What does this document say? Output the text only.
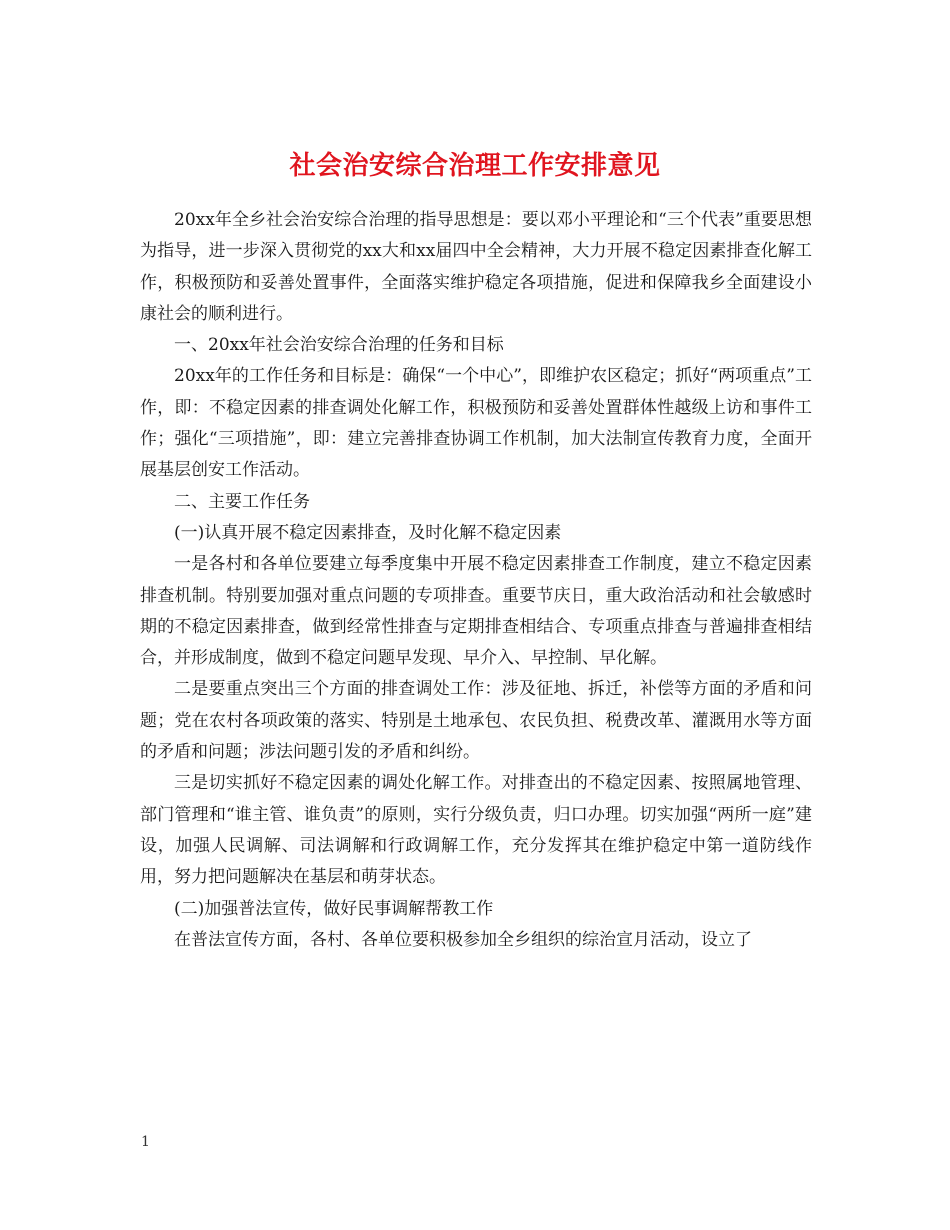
社会治安综合治理工作安排意见

20xx年全乡社会治安综合治理的指导思想是：要以邓小平理论和“三个代表”重要思想为指导，进一步深入贯彻党的xx大和xx届四中全会精神，大力开展不稳定因素排查化解工作，积极预防和妥善处置事件，全面落实维护稳定各项措施，促进和保障我乡全面建设小康社会的顺利进行。

一、20xx年社会治安综合治理的任务和目标

20xx年的工作任务和目标是：确保“一个中心”，即维护农区稳定；抓好“两项重点”工作，即：不稳定因素的排查调处化解工作，积极预防和妥善处置群体性越级上访和事件工作；强化“三项措施”，即：建立完善排查协调工作机制，加大法制宣传教育力度，全面开展基层创安工作活动。

二、主要工作任务

(一)认真开展不稳定因素排查，及时化解不稳定因素

一是各村和各单位要建立每季度集中开展不稳定因素排查工作制度，建立不稳定因素排查机制。特别要加强对重点问题的专项排查。重要节庆日，重大政治活动和社会敏感时期的不稳定因素排查，做到经常性排查与定期排查相结合、专项重点排查与普遍排查相结合，并形成制度，做到不稳定问题早发现、早介入、早控制、早化解。

二是要重点突出三个方面的排查调处工作：涉及征地、拆迁，补偿等方面的矛盾和问题；党在农村各项政策的落实、特别是土地承包、农民负担、税费改革、灌溉用水等方面的矛盾和问题；涉法问题引发的矛盾和纠纷。

三是切实抓好不稳定因素的调处化解工作。对排查出的不稳定因素、按照属地管理、部门管理和“谁主管、谁负责”的原则，实行分级负责，归口办理。切实加强“两所一庭”建设，加强人民调解、司法调解和行政调解工作，充分发挥其在维护稳定中第一道防线作用，努力把问题解决在基层和萌芽状态。

(二)加强普法宣传，做好民事调解帮教工作

在普法宣传方面，各村、各单位要积极参加全乡组织的综治宣月活动，设立了

1
